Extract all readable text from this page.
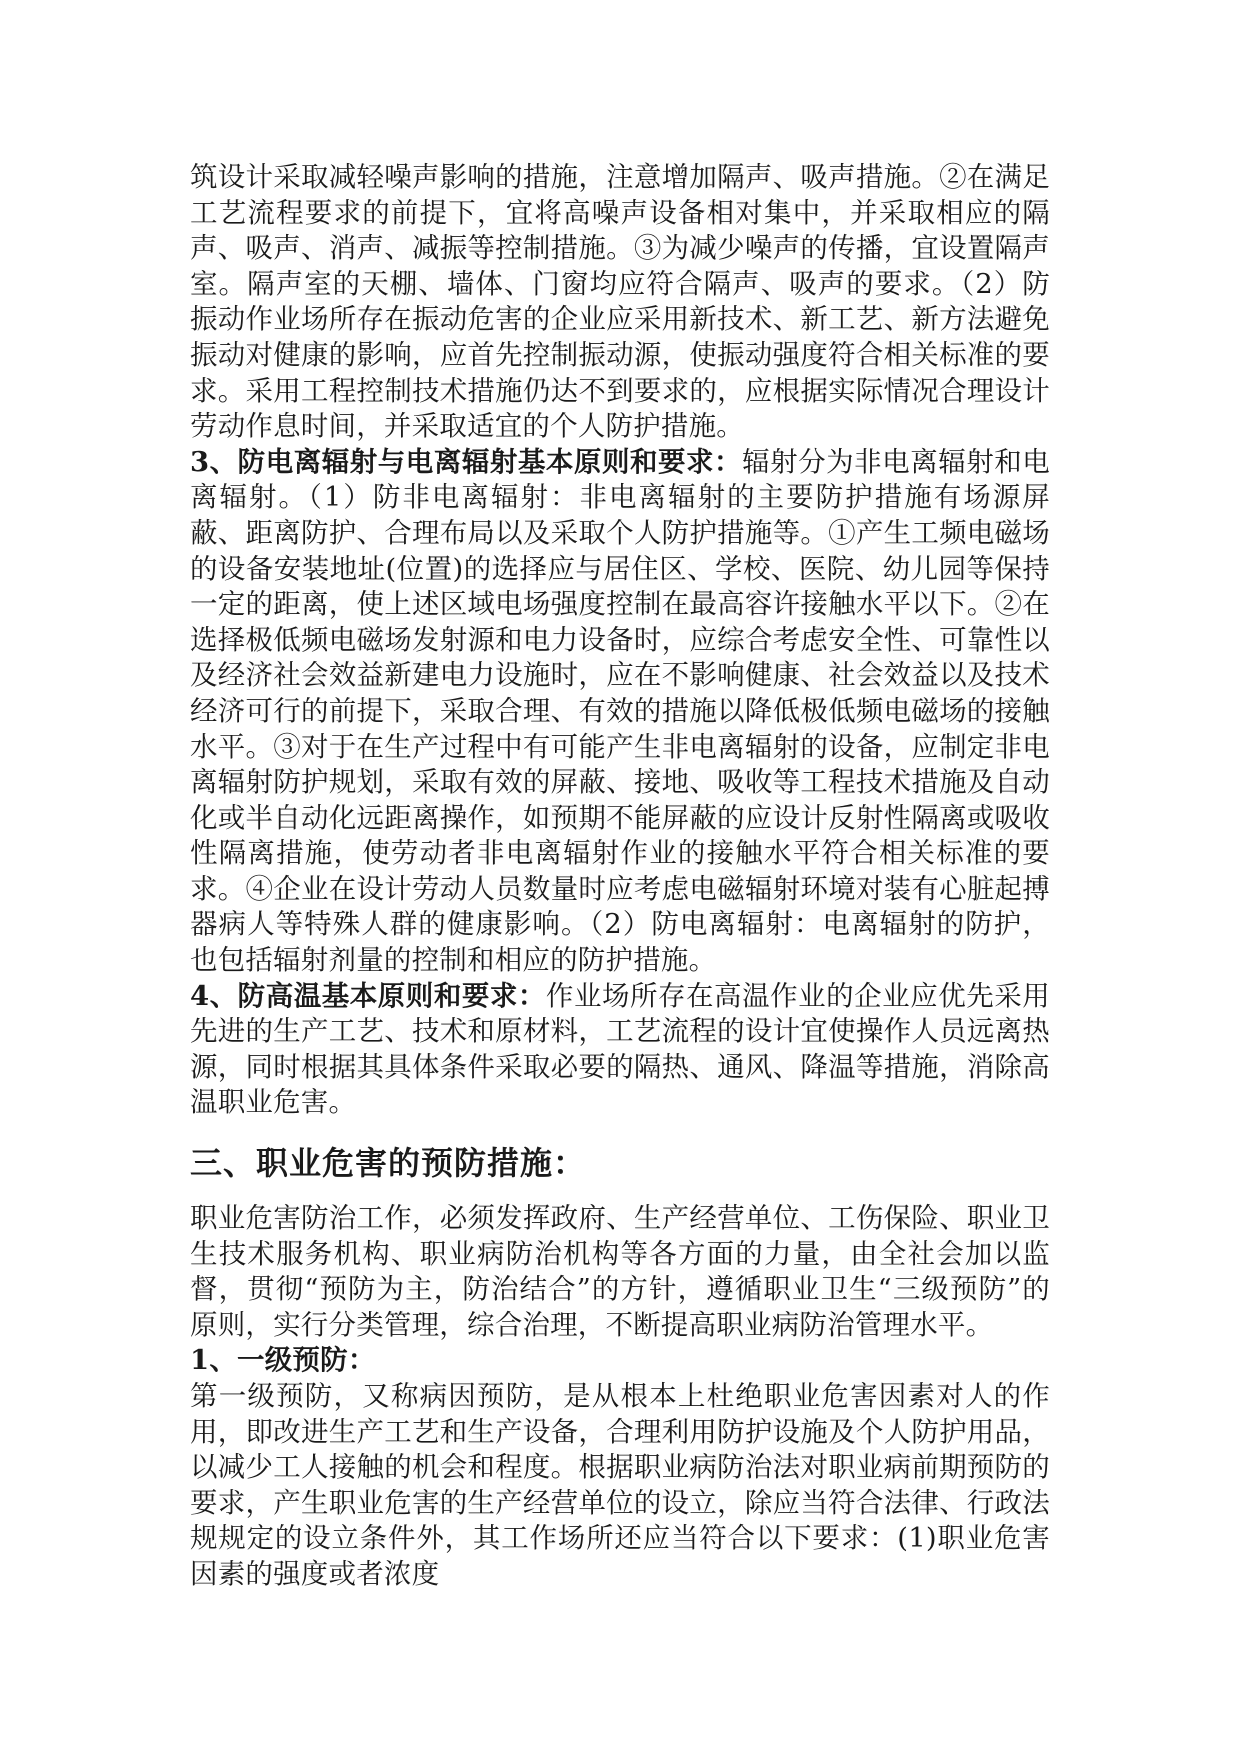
筑设计采取减轻噪声影响的措施，注意增加隔声、吸声措施。②在满足工艺流程要求的前提下，宜将高噪声设备相对集中，并采取相应的隔声、吸声、消声、减振等控制措施。③为减少噪声的传播，宜设置隔声室。隔声室的天棚、墙体、门窗均应符合隔声、吸声的要求。（2）防振动作业场所存在振动危害的企业应采用新技术、新工艺、新方法避免振动对健康的影响，应首先控制振动源，使振动强度符合相关标准的要求。采用工程控制技术措施仍达不到要求的，应根据实际情况合理设计劳动作息时间，并采取适宜的个人防护措施。

3、防电离辐射与电离辐射基本原则和要求：辐射分为非电离辐射和电离辐射。（1）防非电离辐射：非电离辐射的主要防护措施有场源屏蔽、距离防护、合理布局以及采取个人防护措施等。①产生工频电磁场的设备安装地址(位置)的选择应与居住区、学校、医院、幼儿园等保持一定的距离，使上述区域电场强度控制在最高容许接触水平以下。②在选择极低频电磁场发射源和电力设备时，应综合考虑安全性、可靠性以及经济社会效益新建电力设施时，应在不影响健康、社会效益以及技术经济可行的前提下，采取合理、有效的措施以降低极低频电磁场的接触水平。③对于在生产过程中有可能产生非电离辐射的设备，应制定非电离辐射防护规划，采取有效的屏蔽、接地、吸收等工程技术措施及自动化或半自动化远距离操作，如预期不能屏蔽的应设计反射性隔离或吸收性隔离措施，使劳动者非电离辐射作业的接触水平符合相关标准的要求。④企业在设计劳动人员数量时应考虑电磁辐射环境对装有心脏起搏器病人等特殊人群的健康影响。（2）防电离辐射：电离辐射的防护，也包括辐射剂量的控制和相应的防护措施。

4、防高温基本原则和要求：作业场所存在高温作业的企业应优先采用先进的生产工艺、技术和原材料，工艺流程的设计宜使操作人员远离热源，同时根据其具体条件采取必要的隔热、通风、降温等措施，消除高温职业危害。

三、职业危害的预防措施：

职业危害防治工作，必须发挥政府、生产经营单位、工伤保险、职业卫生技术服务机构、职业病防治机构等各方面的力量，由全社会加以监督，贯彻“预防为主，防治结合”的方针，遵循职业卫生“三级预防”的原则，实行分类管理，综合治理，不断提高职业病防治管理水平。

1、一级预防：

第一级预防，又称病因预防，是从根本上杜绝职业危害因素对人的作用，即改进生产工艺和生产设备，合理利用防护设施及个人防护用品，以减少工人接触的机会和程度。根据职业病防治法对职业病前期预防的要求，产生职业危害的生产经营单位的设立，除应当符合法律、行政法规规定的设立条件外，其工作场所还应当符合以下要求：(1)职业危害因素的强度或者浓度
